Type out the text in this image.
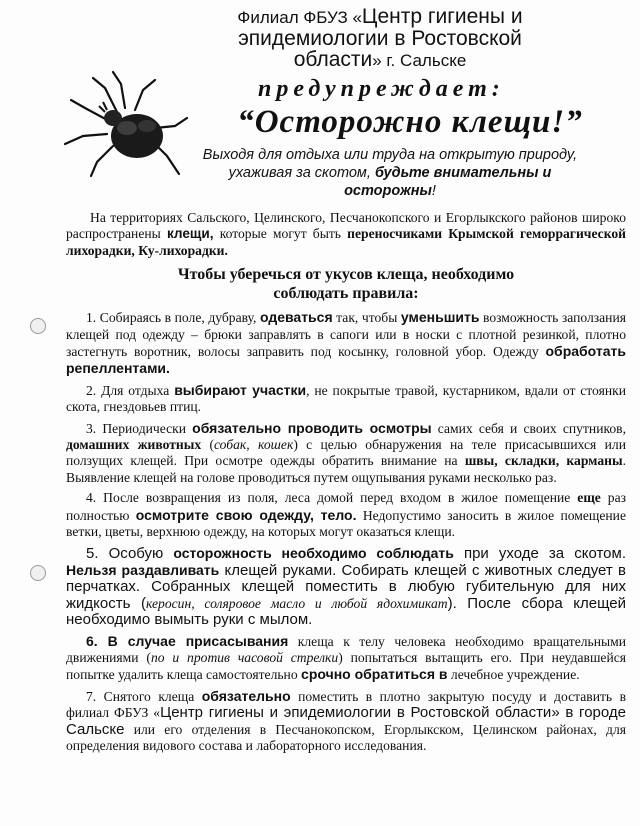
Филиал ФБУЗ «Центр гигиены и
эпидемиологии в Ростовской
области» г. Сальске
предупреждает:
“Осторожно клещи!”
Выходя для отдыха или труда на открытую природу,
ухаживая за скотом, будьте внимательны и
осторожны!

На территориях Сальского, Целинского, Песчанокопского и Егорлыкского районов широко распространены клещи, которые могут быть переносчиками Крымской геморрагической лихорадки, Ку-лихорадки.

Чтобы уберечься от укусов клеща, необходимо
соблюдать правила:

1. Собираясь в поле, дубраву, одеваться так, чтобы уменьшить возможность заползания клещей под одежду – брюки заправлять в сапоги или в носки с плотной резинкой, плотно застегнуть воротник, волосы заправить под косынку, головной убор. Одежду обработать репеллентами.

2. Для отдыха выбирают участки, не покрытые травой, кустарником, вдали от стоянки скота, гнездовьев птиц.

3. Периодически обязательно проводить осмотры самих себя и своих спутников, домашних животных (собак, кошек) с целью обнаружения на теле присасывшихся или ползущих клещей. При осмотре одежды обратить внимание на швы, складки, карманы. Выявление клещей на голове проводиться путем ощупывания руками несколько раз.

4. После возвращения из поля, леса домой перед входом в жилое помещение еще раз полностью осмотрите свою одежду, тело. Недопустимо заносить в жилое помещение ветки, цветы, верхнюю одежду, на которых могут оказаться клещи.

5. Особую осторожность необходимо соблюдать при уходе за скотом. Нельзя раздавливать клещей руками. Собирать клещей с животных следует в перчатках. Собранных клещей поместить в любую губительную для них жидкость (керосин, соляровое масло и любой ядохимикат). После сбора клещей необходимо вымыть руки с мылом.

6. В случае присасывания клеща к телу человека необходимо вращательными движениями (по и против часовой стрелки) попытаться вытащить его. При неудавшейся попытке удалить клеща самостоятельно срочно обратиться в лечебное учреждение.

7. Снятого клеща обязательно поместить в плотно закрытую посуду и доставить в филиал ФБУЗ «Центр гигиены и эпидемиологии в Ростовской области» в городе Сальске или его отделения в Песчанокопском, Егорлыкском, Целинском районах, для определения видового состава и лабораторного исследования.
